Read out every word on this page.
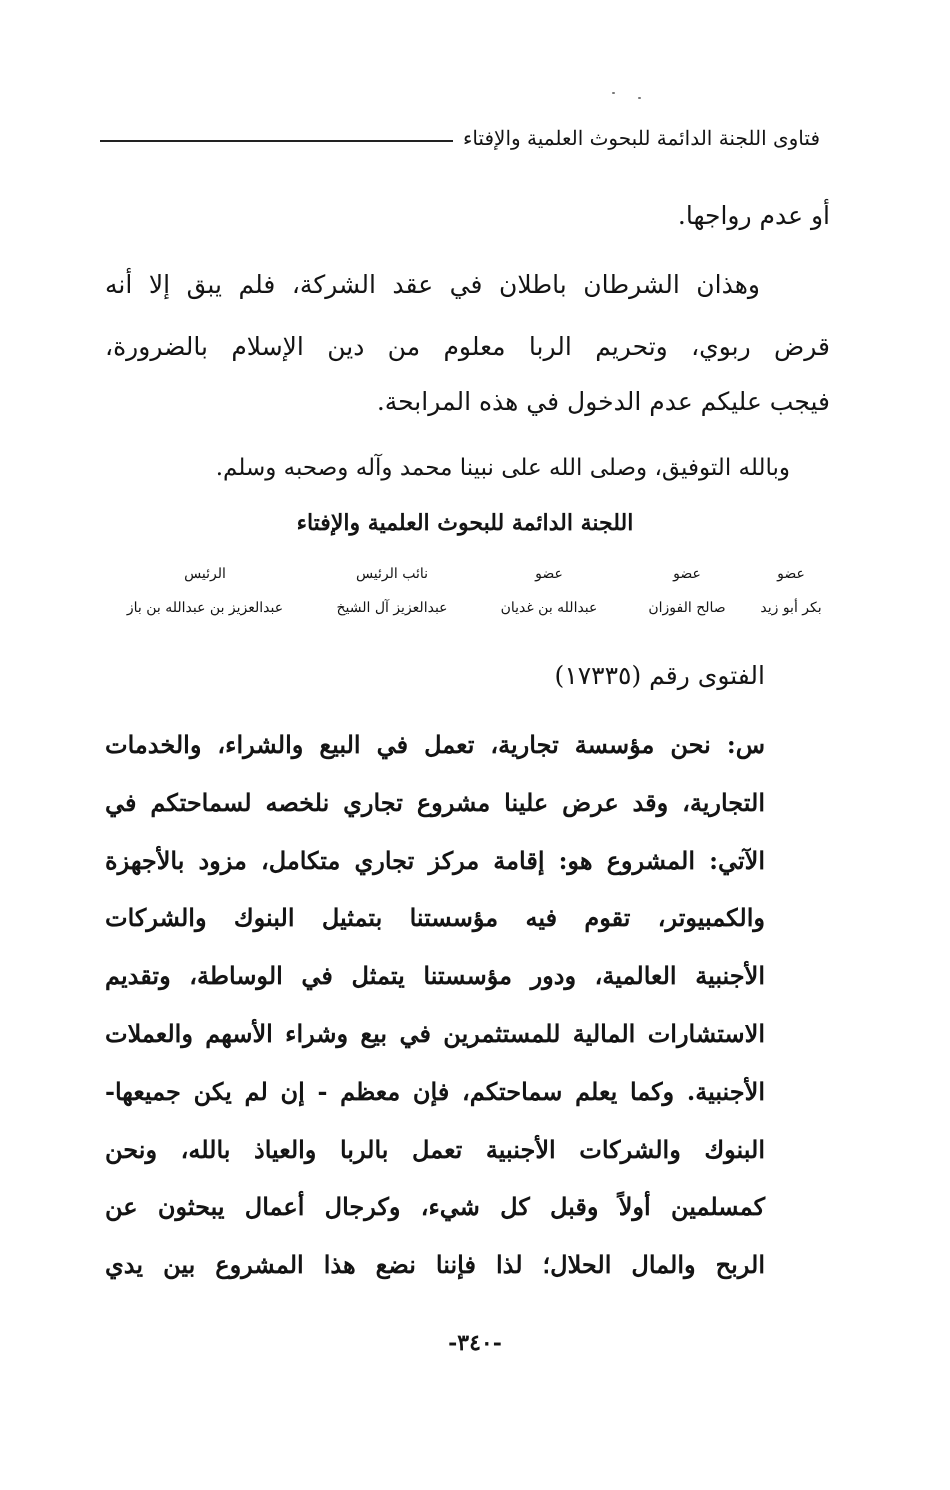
فتاوى اللجنة الدائمة للبحوث العلمية والإفتاء
أو عدم رواجها.
وهذان الشرطان باطلان في عقد الشركة، فلم يبق إلا أنه
قرض ربوي، وتحريم الربا معلوم من دين الإسلام بالضرورة،
فيجب عليكم عدم الدخول في هذه المرابحة.
وبالله التوفيق، وصلى الله على نبينا محمد وآله وصحبه وسلم.
اللجنة الدائمة للبحوث العلمية والإفتاء
عضو
عضو
عضو
نائب الرئيس
الرئيس
بكر أبو زيد
صالح الفوزان
عبدالله بن غديان
عبدالعزيز آل الشيخ
عبدالعزيز بن عبدالله بن باز
الفتوى رقم (١٧٣٣٥)
س: نحن مؤسسة تجارية، تعمل في البيع والشراء، والخدمات
التجارية، وقد عرض علينا مشروع تجاري نلخصه لسماحتكم في
الآتي: المشروع هو: إقامة مركز تجاري متكامل، مزود بالأجهزة
والكمبيوتر، تقوم فيه مؤسستنا بتمثيل البنوك والشركات
الأجنبية العالمية، ودور مؤسستنا يتمثل في الوساطة، وتقديم
الاستشارات المالية للمستثمرين في بيع وشراء الأسهم والعملات
الأجنبية. وكما يعلم سماحتكم، فإن معظم - إن لم يكن جميعها-
البنوك والشركات الأجنبية تعمل بالربا والعياذ بالله، ونحن
كمسلمين أولاً وقبل كل شيء، وكرجال أعمال يبحثون عن
الربح والمال الحلال؛ لذا فإننا نضع هذا المشروع بين يدي
-٣٤٠-
